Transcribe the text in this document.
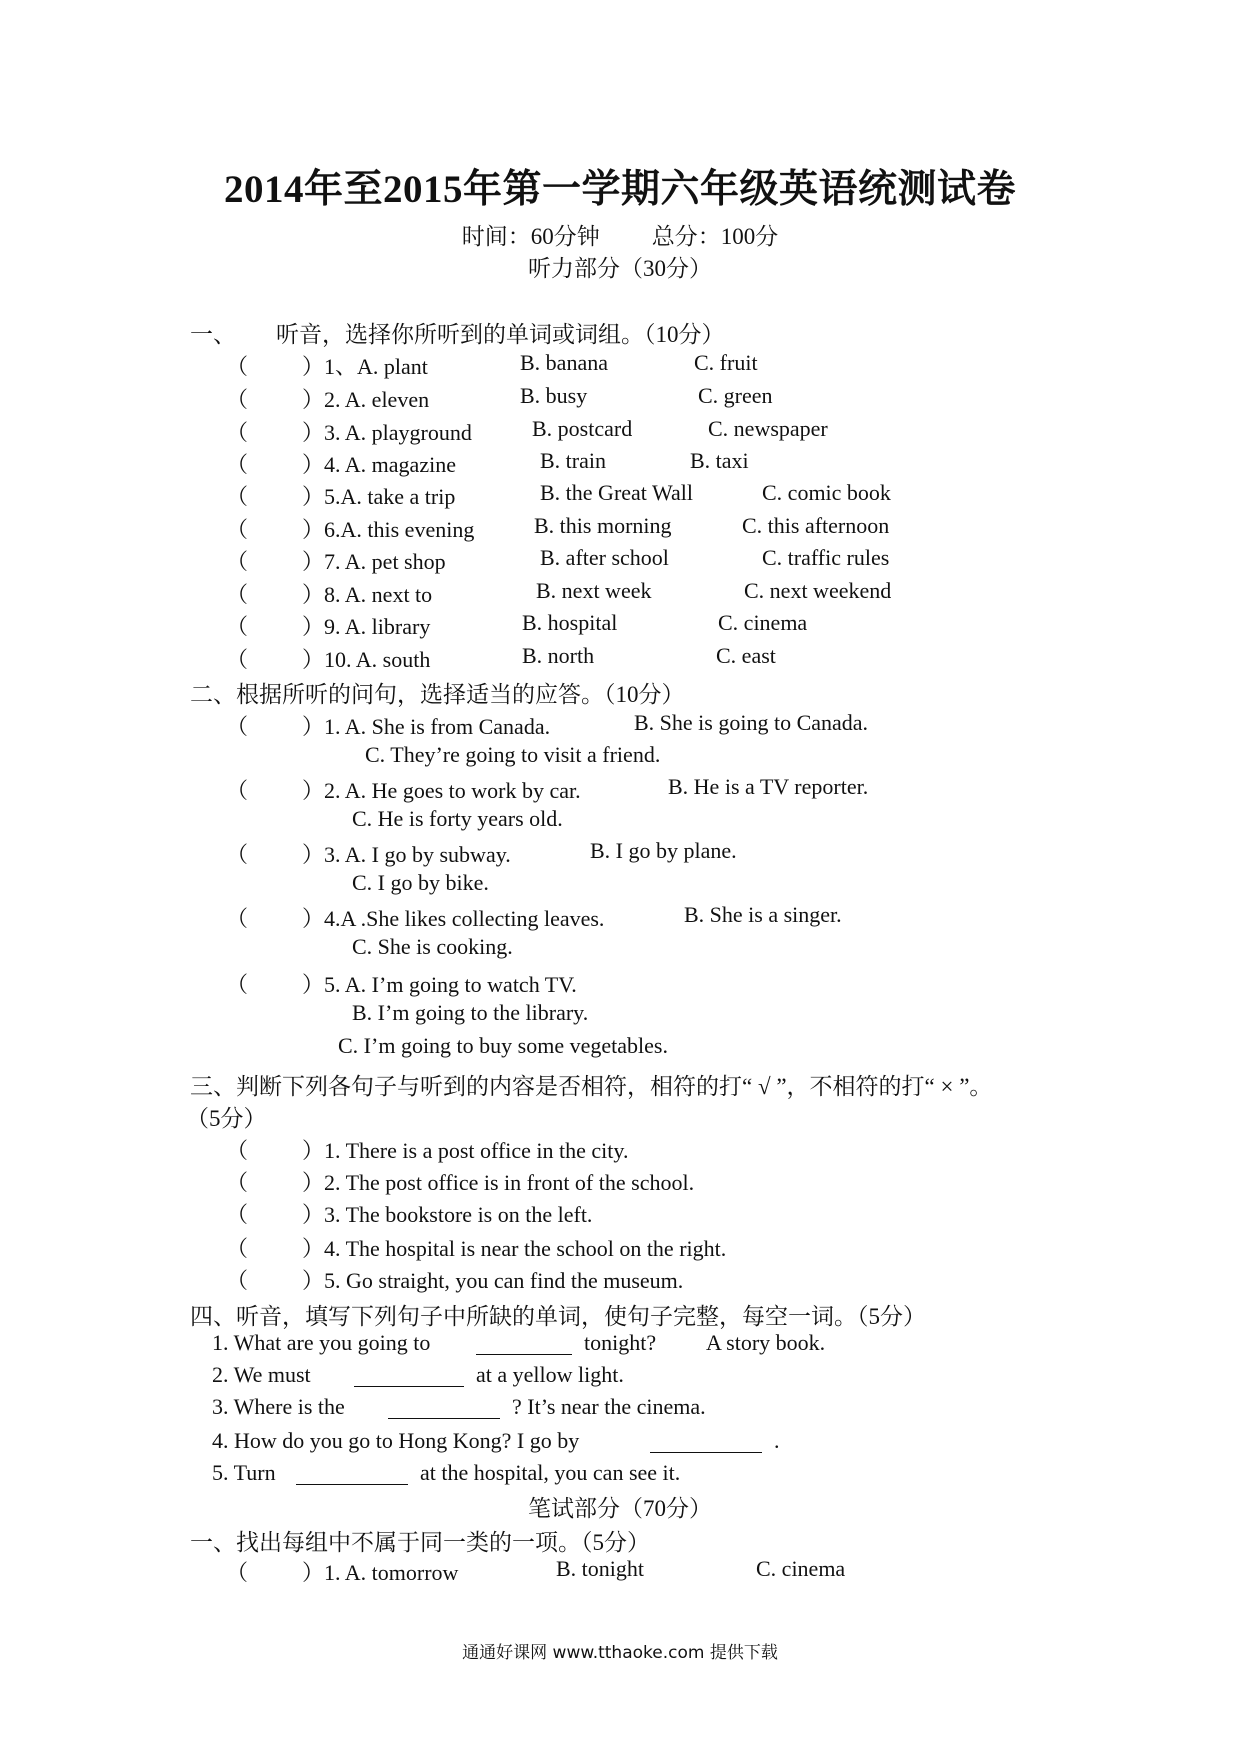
2014年至2015年第一学期六年级英语统测试卷
时间：60分钟 总分：100分
听力部分（30分）
一、 听音，选择你所听到的单词或词组。（10分）
（ ）1、A. plant	B. banana	C. fruit
（ ）2. A. eleven	B. busy	C. green
（ ）3. A. playground	B. postcard	C. newspaper
（ ）4. A. magazine	B. train	B. taxi
（ ）5.A. take a trip	B. the Great Wall	C. comic book
（ ）6.A. this evening	B. this morning	C. this afternoon
（ ）7. A. pet shop	B. after school	C. traffic rules
（ ）8. A. next to	B. next week	C. next weekend
（ ）9. A. library	B. hospital	C. cinema
（ ）10. A. south	B. north	C. east
二、根据所听的问句，选择适当的应答。（10分）
（ ）1. A. She is from Canada.	B. She is going to Canada.
C. They’re going to visit a friend.
（ ）2. A. He goes to work by car.	B. He is a TV reporter.
C. He is forty years old.
（ ）3. A. I go by subway.	B. I go by plane.
C. I go by bike.
（ ）4.A .She likes collecting leaves.	B. She is a singer.
C. She is cooking.
（ ）5. A. I’m going to watch TV.
B. I’m going to the library.
C. I’m going to buy some vegetables.
三、判断下列各句子与听到的内容是否相符，相符的打“ √ ”，不相符的打“ × ”。
（5分）
（ ）1. There is a post office in the city.
（ ）2. The post office is in front of the school.
（ ）3. The bookstore is on the left.
（ ）4. The hospital is near the school on the right.
（ ）5. Go straight, you can find the museum.
四、听音，填写下列句子中所缺的单词，使句子完整，每空一词。（5分）
1. What are you going to	tonight? A story book.
2. We must	at a yellow light.
3. Where is the	? It’s near the cinema.
4. How do you go to Hong Kong? I go by	.
5. Turn	at the hospital, you can see it.
笔试部分（70分）
一、找出每组中不属于同一类的一项。（5分）
（ ）1. A. tomorrow	B. tonight	C. cinema
通通好课网 www.tthaoke.com 提供下载
